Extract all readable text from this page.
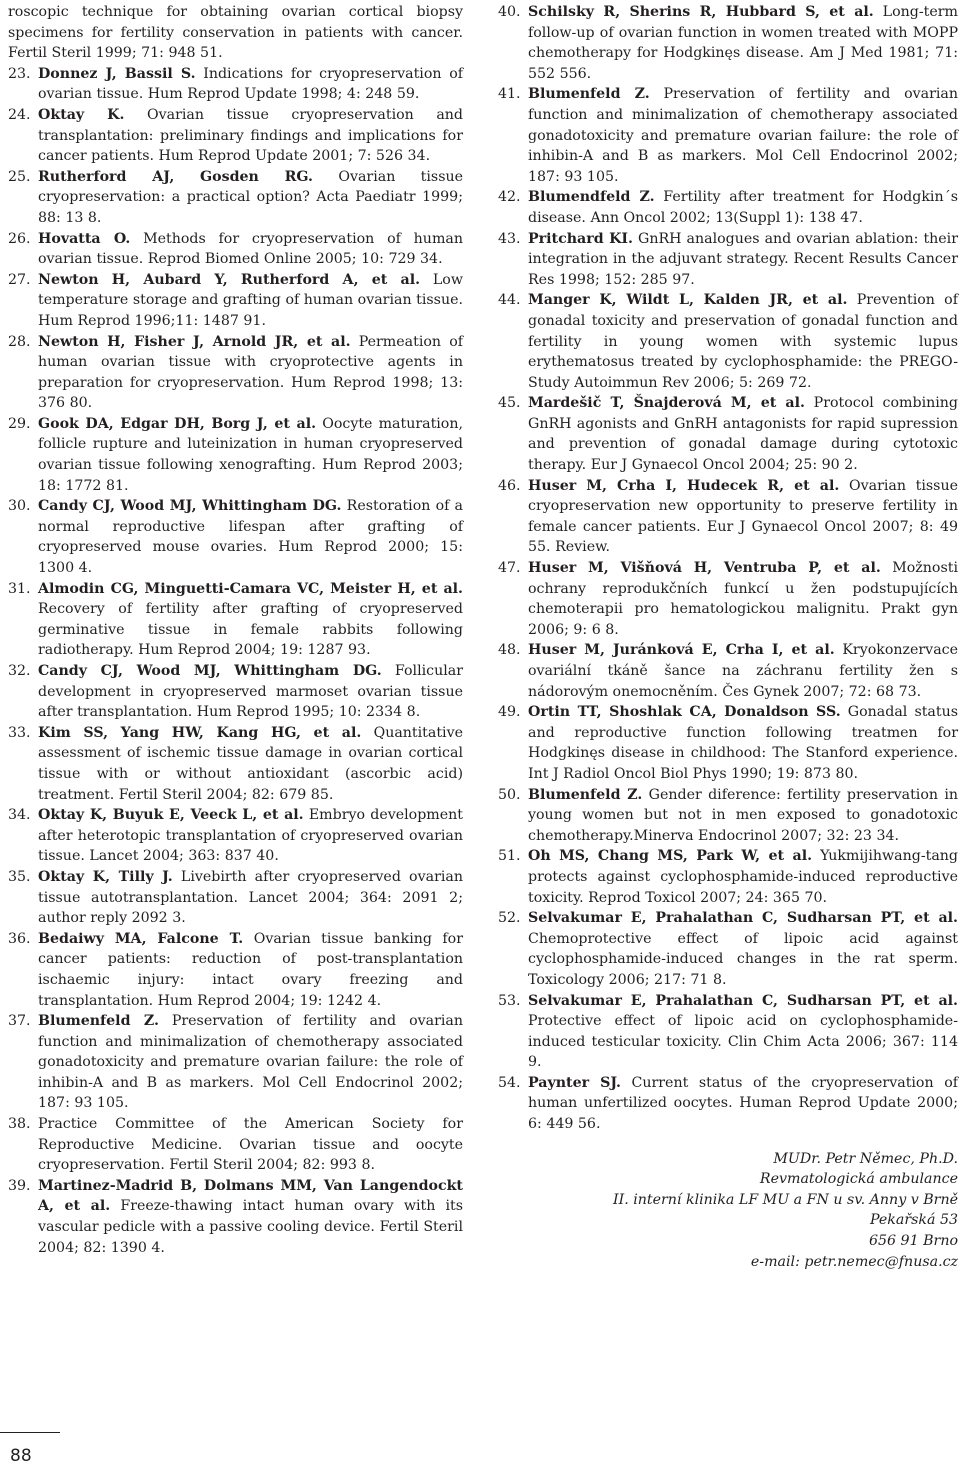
roscopic technique for obtaining ovarian cortical biopsy specimens for fertility conservation in patients with cancer. Fertil Steril 1999; 71: 948 51.
23. Donnez J, Bassil S. Indications for cryopreservation of ovarian tissue. Hum Reprod Update 1998; 4: 248 59.
24. Oktay K. Ovarian tissue cryopreservation and transplantation: preliminary findings and implications for cancer patients. Hum Reprod Update 2001; 7: 526 34.
25. Rutherford AJ, Gosden RG. Ovarian tissue cryopreservation: a practical option? Acta Paediatr 1999; 88: 13 8.
26. Hovatta O. Methods for cryopreservation of human ovarian tissue. Reprod Biomed Online 2005; 10: 729 34.
27. Newton H, Aubard Y, Rutherford A, et al. Low temperature storage and grafting of human ovarian tissue. Hum Reprod 1996;11: 1487 91.
28. Newton H, Fisher J, Arnold JR, et al. Permeation of human ovarian tissue with cryoprotective agents in preparation for cryopreservation. Hum Reprod 1998; 13: 376 80.
29. Gook DA, Edgar DH, Borg J, et al. Oocyte maturation, follicle rupture and luteinization in human cryopreserved ovarian tissue following xenografting. Hum Reprod 2003; 18: 1772 81.
30. Candy CJ, Wood MJ, Whittingham DG. Restoration of a normal reproductive lifespan after grafting of cryopreserved mouse ovaries. Hum Reprod 2000; 15: 1300 4.
31. Almodin CG, Minguetti-Camara VC, Meister H, et al. Recovery of fertility after grafting of cryopreserved germinative tissue in female rabbits following radiotherapy. Hum Reprod 2004; 19: 1287 93.
32. Candy CJ, Wood MJ, Whittingham DG. Follicular development in cryopreserved marmoset ovarian tissue after transplantation. Hum Reprod 1995; 10: 2334 8.
33. Kim SS, Yang HW, Kang HG, et al. Quantitative assessment of ischemic tissue damage in ovarian cortical tissue with or without antioxidant (ascorbic acid) treatment. Fertil Steril 2004; 82: 679 85.
34. Oktay K, Buyuk E, Veeck L, et al. Embryo development after heterotopic transplantation of cryopreserved ovarian tissue. Lancet 2004; 363: 837 40.
35. Oktay K, Tilly J. Livebirth after cryopreserved ovarian tissue autotransplantation. Lancet 2004; 364: 2091 2; author reply 2092 3.
36. Bedaiwy MA, Falcone T. Ovarian tissue banking for cancer patients: reduction of post-transplantation ischaemic injury: intact ovary freezing and transplantation. Hum Reprod 2004; 19: 1242 4.
37. Blumenfeld Z. Preservation of fertility and ovarian function and minimalization of chemotherapy associated gonadotoxicity and premature ovarian failure: the role of inhibin-A and B as markers. Mol Cell Endocrinol 2002; 187: 93 105.
38. Practice Committee of the American Society for Reproductive Medicine. Ovarian tissue and oocyte cryopreservation. Fertil Steril 2004; 82: 993 8.
39. Martinez-Madrid B, Dolmans MM, Van Langendockt A, et al. Freeze-thawing intact human ovary with its vascular pedicle with a passive cooling device. Fertil Steril 2004; 82: 1390 4.
40. Schilsky R, Sherins R, Hubbard S, et al. Long-term follow-up of ovarian function in women treated with MOPP chemotherapy for Hodgkinęs disease. Am J Med 1981; 71: 552 556.
41. Blumenfeld Z. Preservation of fertility and ovarian function and minimalization of chemotherapy associated gonadotoxicity and premature ovarian failure: the role of inhibin-A and B as markers. Mol Cell Endocrinol 2002; 187: 93 105.
42. Blumendfeld Z. Fertility after treatment for Hodgkin´s disease. Ann Oncol 2002; 13(Suppl 1): 138 47.
43. Pritchard KI. GnRH analogues and ovarian ablation: their integration in the adjuvant strategy. Recent Results Cancer Res 1998; 152: 285 97.
44. Manger K, Wildt L, Kalden JR, et al. Prevention of gonadal toxicity and preservation of gonadal function and fertility in young women with systemic lupus erythematosus treated by cyclophosphamide: the PREGO-Study Autoimmun Rev 2006; 5: 269 72.
45. Mardešič T, Šnajderová M, et al. Protocol combining GnRH agonists and GnRH antagonists for rapid supression and prevention of gonadal damage during cytotoxic therapy. Eur J Gynaecol Oncol 2004; 25: 90 2.
46. Huser M, Crha I, Hudecek R, et al. Ovarian tissue cryopreservation new opportunity to preserve fertility in female cancer patients. Eur J Gynaecol Oncol 2007; 8: 49 55. Review.
47. Huser M, Višňová H, Ventruba P, et al. Možnosti ochrany reprodukčních funkcí u žen podstupujících chemoterapii pro hematologickou malignitu. Prakt gyn 2006; 9: 6 8.
48. Huser M, Juránková E, Crha I, et al. Kryokonzervace ovariální tkáně šance na záchranu fertility žen s nádorovým onemocněním. Čes Gynek 2007; 72: 68 73.
49. Ortin TT, Shoshlak CA, Donaldson SS. Gonadal status and reproductive function following treatmen for Hodgkinęs disease in childhood: The Stanford experience. Int J Radiol Oncol Biol Phys 1990; 19: 873 80.
50. Blumenfeld Z. Gender diference: fertility preservation in young women but not in men exposed to gonadotoxic chemotherapy.Minerva Endocrinol 2007; 32: 23 34.
51. Oh MS, Chang MS, Park W, et al. Yukmijihwang-tang protects against cyclophosphamide-induced reproductive toxicity. Reprod Toxicol 2007; 24: 365 70.
52. Selvakumar E, Prahalathan C, Sudharsan PT, et al. Chemoprotective effect of lipoic acid against cyclophosphamide-induced changes in the rat sperm. Toxicology 2006; 217: 71 8.
53. Selvakumar E, Prahalathan C, Sudharsan PT, et al. Protective effect of lipoic acid on cyclophosphamide-induced testicular toxicity. Clin Chim Acta 2006; 367: 114 9.
54. Paynter SJ. Current status of the cryopreservation of human unfertilized oocytes. Human Reprod Update 2000; 6: 449 56.
MUDr. Petr Němec, Ph.D.
Revmatologická ambulance
II. interní klinika LF MU a FN u sv. Anny v Brně
Pekařská 53
656 91 Brno
e-mail: petr.nemec@fnusa.cz
88
